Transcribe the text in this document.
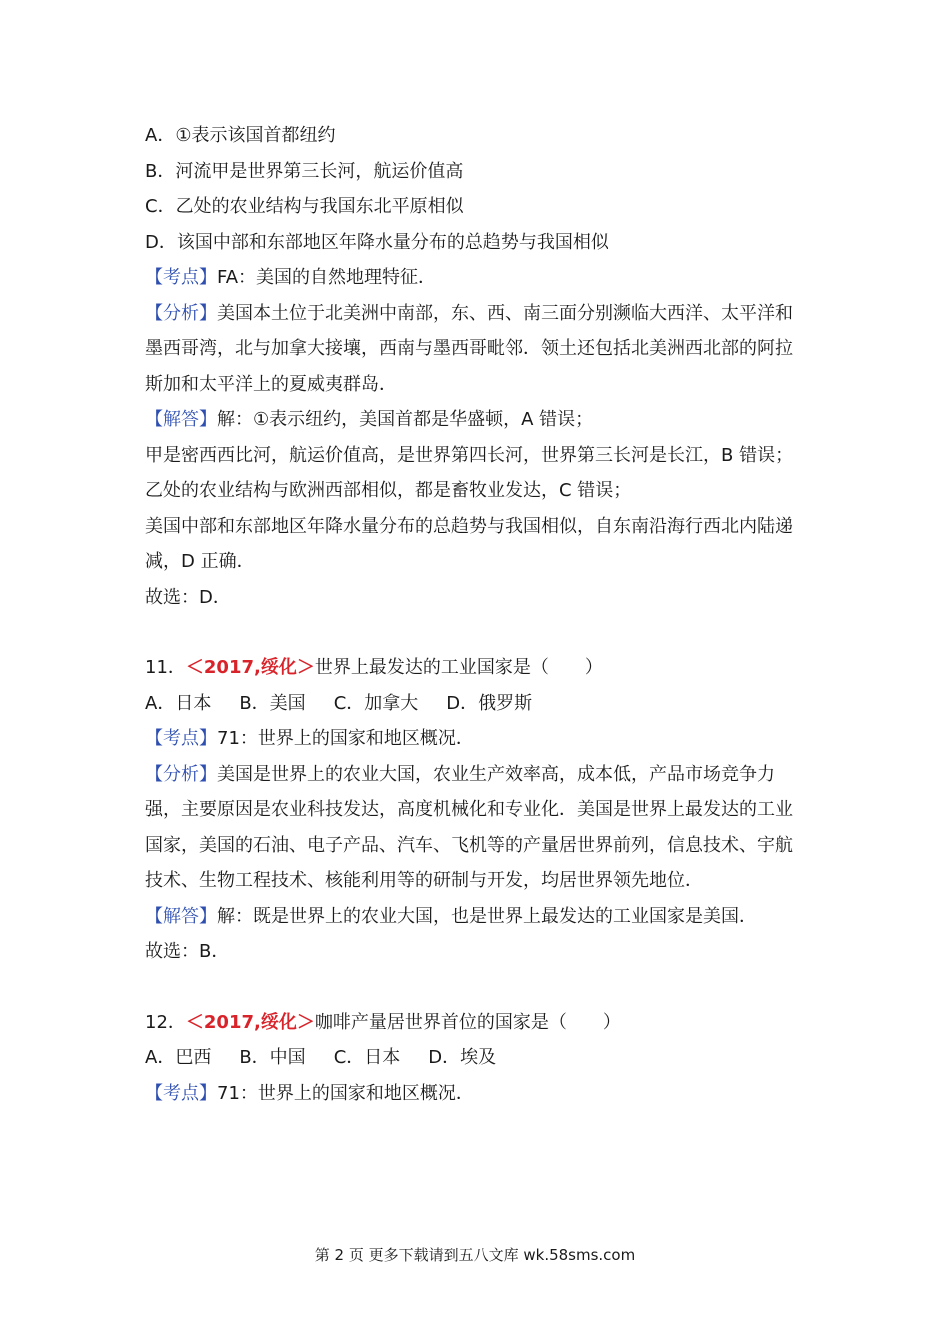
A．①表示该国首都纽约
B．河流甲是世界第三长河，航运价值高
C．乙处的农业结构与我国东北平原相似
D．该国中部和东部地区年降水量分布的总趋势与我国相似
【考点】FA：美国的自然地理特征．
【分析】美国本土位于北美洲中南部，东、西、南三面分别濒临大西洋、太平洋和墨西哥湾，北与加拿大接壤，西南与墨西哥毗邻．领土还包括北美洲西北部的阿拉斯加和太平洋上的夏威夷群岛．
【解答】解：①表示纽约，美国首都是华盛顿，A 错误；
甲是密西西比河，航运价值高，是世界第四长河，世界第三长河是长江，B 错误；
乙处的农业结构与欧洲西部相似，都是畜牧业发达，C 错误；
美国中部和东部地区年降水量分布的总趋势与我国相似，自东南沿海行西北内陆递减，D 正确．
故选：D．
11．＜2017,绥化＞世界上最发达的工业国家是（　　）
A．日本 B．美国 C．加拿大 D．俄罗斯
【考点】71：世界上的国家和地区概况．
【分析】美国是世界上的农业大国，农业生产效率高，成本低，产品市场竞争力强，主要原因是农业科技发达，高度机械化和专业化．美国是世界上最发达的工业国家，美国的石油、电子产品、汽车、飞机等的产量居世界前列，信息技术、宇航技术、生物工程技术、核能利用等的研制与开发，均居世界领先地位．
【解答】解：既是世界上的农业大国，也是世界上最发达的工业国家是美国．
故选：B．
12．＜2017,绥化＞咖啡产量居世界首位的国家是（　　）
A．巴西 B．中国 C．日本 D．埃及
【考点】71：世界上的国家和地区概况．
第 2 页 更多下载请到五八文库 wk.58sms.com
